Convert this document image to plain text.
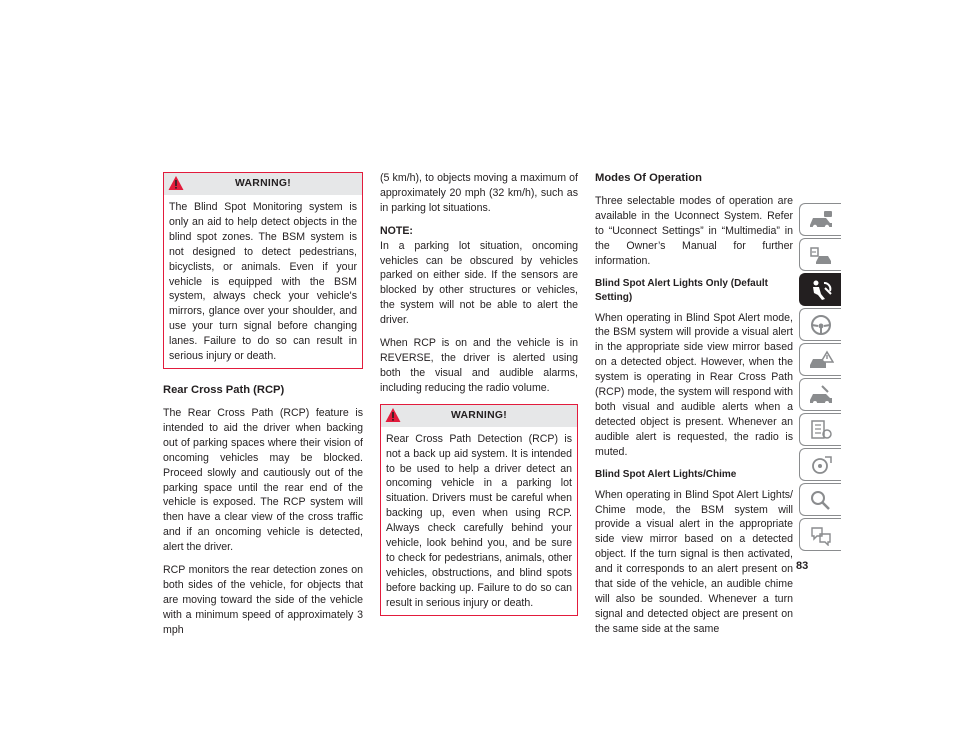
WARNING!

The Blind Spot Monitoring system is only an aid to help detect objects in the blind spot zones. The BSM system is not designed to detect pedestrians, bicyclists, or animals. Even if your vehicle is equipped with the BSM system, always check your vehicle's mirrors, glance over your shoulder, and use your turn signal before changing lanes. Failure to do so can result in serious injury or death.

Rear Cross Path (RCP)

The Rear Cross Path (RCP) feature is intended to aid the driver when backing out of parking spaces where their vision of oncoming vehicles may be blocked. Proceed slowly and cautiously out of the parking space until the rear end of the vehicle is exposed. The RCP system will then have a clear view of the cross traffic and if an oncoming vehicle is detected, alert the driver.

RCP monitors the rear detection zones on both sides of the vehicle, for objects that are moving toward the side of the vehicle with a minimum speed of approximately 3 mph

(5 km/h), to objects moving a maximum of approximately 20 mph (32 km/h), such as in parking lot situations.

NOTE:
In a parking lot situation, oncoming vehicles can be obscured by vehicles parked on either side. If the sensors are blocked by other structures or vehicles, the system will not be able to alert the driver.

When RCP is on and the vehicle is in REVERSE, the driver is alerted using both the visual and audible alarms, including reducing the radio volume.

WARNING!

Rear Cross Path Detection (RCP) is not a back up aid system. It is intended to be used to help a driver detect an oncoming vehicle in a parking lot situation. Drivers must be careful when backing up, even when using RCP. Always check carefully behind your vehicle, look behind you, and be sure to check for pedestrians, animals, other vehicles, obstructions, and blind spots before backing up. Failure to do so can result in serious injury or death.

Modes Of Operation

Three selectable modes of operation are available in the Uconnect System. Refer to “Uconnect Settings” in “Multimedia” in the Owner’s Manual for further information.

Blind Spot Alert Lights Only (Default Setting)

When operating in Blind Spot Alert mode, the BSM system will provide a visual alert in the appropriate side view mirror based on a detected object. However, when the system is operating in Rear Cross Path (RCP) mode, the system will respond with both visual and audible alerts when a detected object is present. Whenever an audible alert is requested, the radio is muted.

Blind Spot Alert Lights/Chime

When operating in Blind Spot Alert Lights/ Chime mode, the BSM system will provide a visual alert in the appropriate side view mirror based on a detected object. If the turn signal is then activated, and it corresponds to an alert present on that side of the vehicle, an audible chime will also be sounded. Whenever a turn signal and detected object are present on the same side at the same

83
